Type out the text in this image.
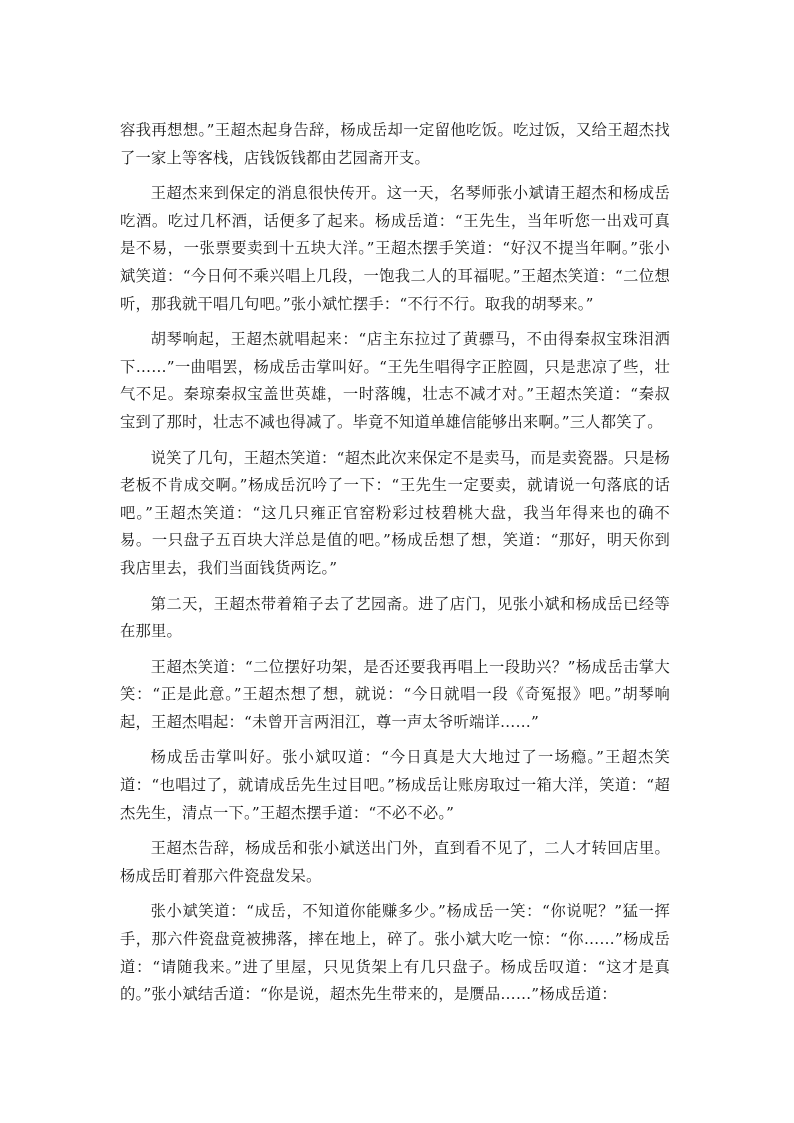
容我再想想。”王超杰起身告辞，杨成岳却一定留他吃饭。吃过饭，又给王超杰找了一家上等客栈，店钱饭钱都由艺园斋开支。

王超杰来到保定的消息很快传开。这一天，名琴师张小斌请王超杰和杨成岳吃酒。吃过几杯酒，话便多了起来。杨成岳道：“王先生，当年听您一出戏可真是不易，一张票要卖到十五块大洋。”王超杰摆手笑道：“好汉不提当年啊。”张小斌笑道：“今日何不乘兴唱上几段，一饱我二人的耳福呢。”王超杰笑道：“二位想听，那我就干唱几句吧。”张小斌忙摆手：“不行不行。取我的胡琴来。”

胡琴响起，王超杰就唱起来：“店主东拉过了黄骠马，不由得秦叔宝珠泪洒下……”一曲唱罢，杨成岳击掌叫好。“王先生唱得字正腔圆，只是悲凉了些，壮气不足。秦琼秦叔宝盖世英雄，一时落魄，壮志不减才对。”王超杰笑道：“秦叔宝到了那时，壮志不减也得减了。毕竟不知道单雄信能够出来啊。”三人都笑了。

说笑了几句，王超杰笑道：“超杰此次来保定不是卖马，而是卖瓷器。只是杨老板不肯成交啊。”杨成岳沉吟了一下：“王先生一定要卖，就请说一句落底的话吧。”王超杰笑道：“这几只雍正官窑粉彩过枝碧桃大盘，我当年得来也的确不易。一只盘子五百块大洋总是值的吧。”杨成岳想了想，笑道：“那好，明天你到我店里去，我们当面钱货两讫。”

第二天，王超杰带着箱子去了艺园斋。进了店门，见张小斌和杨成岳已经等在那里。

王超杰笑道：“二位摆好功架，是否还要我再唱上一段助兴？”杨成岳击掌大笑：“正是此意。”王超杰想了想，就说：“今日就唱一段《奇冤报》吧。”胡琴响起，王超杰唱起：“未曾开言两泪江，尊一声太爷听端详……”

杨成岳击掌叫好。张小斌叹道：“今日真是大大地过了一场瘾。”王超杰笑道：“也唱过了，就请成岳先生过目吧。”杨成岳让账房取过一箱大洋，笑道：“超杰先生，清点一下。”王超杰摆手道：“不必不必。”

王超杰告辞，杨成岳和张小斌送出门外，直到看不见了，二人才转回店里。杨成岳盯着那六件瓷盘发呆。

张小斌笑道：“成岳，不知道你能赚多少。”杨成岳一笑：“你说呢？”猛一挥手，那六件瓷盘竟被拂落，摔在地上，碎了。张小斌大吃一惊：“你……”杨成岳道：“请随我来。”进了里屋，只见货架上有几只盘子。杨成岳叹道：“这才是真的。”张小斌结舌道：“你是说，超杰先生带来的，是赝品……”杨成岳道：
